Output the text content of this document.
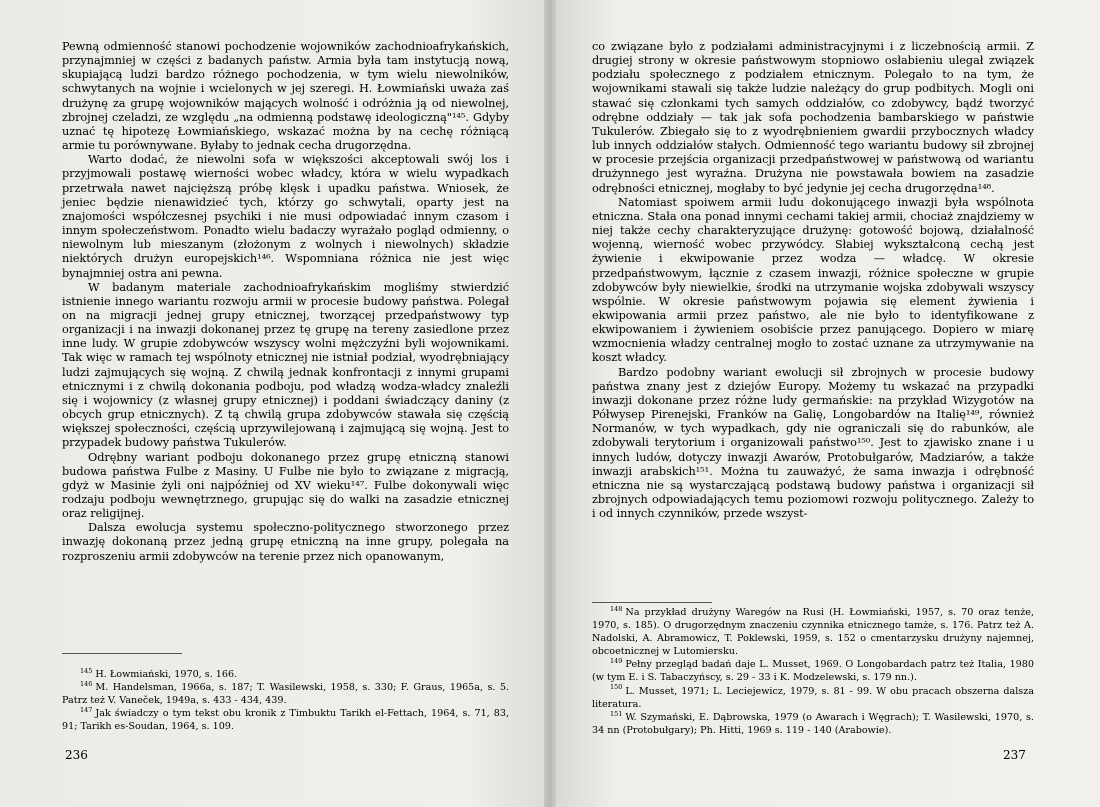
Pewną odmienność stanowi pochodzenie wojowników zachodnioafrykańskich, przynajmniej w części z badanych państw. Armia była tam instytucją nową, skupiającą ludzi bardzo różnego pochodzenia, w tym wielu niewolników, schwytanych na wojnie i wcielonych w jej szeregi. H. Łowmiański uważa zaś drużynę za grupę wojowników mających wolność i odróżnia ją od niewolnej, zbrojnej czeladzi, ze względu „na odmienną podstawę ideologiczną"¹⁴⁵. Gdyby uznać tę hipotezę Łowmiańskiego, wskazać można by na cechę różniącą armie tu porównywane. Byłaby to jednak cecha drugorzędna.

Warto dodać, że niewolni sofa w większości akceptowali swój los i przyjmowali postawę wierności wobec władcy, która w wielu wypadkach przetrwała nawet najcięższą próbę klęsk i upadku państwa. Wniosek, że jeniec będzie nienawidzieć tych, którzy go schwytali, oparty jest na znajomości współczesnej psychiki i nie musi odpowiadać innym czasom i innym społeczeństwom. Ponadto wielu badaczy wyrażało pogląd odmienny, o niewolnym lub mieszanym (złożonym z wolnych i niewolnych) składzie niektórych drużyn europejskich¹⁴⁶. Wspomniana różnica nie jest więc bynajmniej ostra ani pewna.

W badanym materiale zachodnioafrykańskim mogliśmy stwierdzić istnienie innego wariantu rozwoju armii w procesie budowy państwa. Polegał on na migracji jednej grupy etnicznej, tworzącej przedpaństwowy typ organizacji i na inwazji dokonanej przez tę grupę na tereny zasiedlone przez inne ludy. W grupie zdobywców wszyscy wolni mężczyźni byli wojownikami. Tak więc w ramach tej wspólnoty etnicznej nie istniał podział, wyodrębniający ludzi zajmujących się wojną. Z chwilą jednak konfrontacji z innymi grupami etnicznymi i z chwilą dokonania podboju, pod władzą wodza-władcy znaleźli się i wojownicy (z własnej grupy etnicznej) i poddani świadczący daniny (z obcych grup etnicznych). Z tą chwilą grupa zdobywców stawała się częścią większej społeczności, częścią uprzywilejowaną i zajmującą się wojną. Jest to przypadek budowy państwa Tukulerów.

Odrębny wariant podboju dokonanego przez grupę etniczną stanowi budowa państwa Fulbe z Masiny. U Fulbe nie było to związane z migracją, gdyż w Masinie żyli oni najpóźniej od XV wieku¹⁴⁷. Fulbe dokonywali więc rodzaju podboju wewnętrznego, grupując się do walki na zasadzie etnicznej oraz religijnej.

Dalsza ewolucja systemu społeczno-politycznego stworzonego przez inwazję dokonaną przez jedną grupę etniczną na inne grupy, polegała na rozproszeniu armii zdobywców na terenie przez nich opanowanym,

$^{145}$ H. Łowmiański, 1970, s. 166.

$^{146}$ M. Handelsman, 1966a, s. 187; T. Wasilewski, 1958, s. 330; F. Graus, 1965a, s. 5. Patrz też V. Vaneček, 1949a, s. 433 - 434, 439.

$^{147}$ Jak świadczy o tym tekst obu kronik z Timbuktu Tarikh el-Fettach, 1964, s. 71, 83, 91; Tarikh es-Soudan, 1964, s. 109.

236

co związane było z podziałami administracyjnymi i z liczebnością armii. Z drugiej strony w okresie państwowym stopniowo osłabieniu ulegał związek podziału społecznego z podziałem etnicznym. Polegało to na tym, że wojownikami stawali się także ludzie należący do grup podbitych. Mogli oni stawać się członkami tych samych oddziałów, co zdobywcy, bądź tworzyć odrębne oddziały — tak jak sofa pochodzenia bambarskiego w państwie Tukulerów. Zbiegało się to z wyodrębnieniem gwardii przybocznych władcy lub innych oddziałów stałych. Odmienność tego wariantu budowy sił zbrojnej w procesie przejścia organizacji przedpaństwowej w państwową od wariantu drużynnego jest wyraźna. Drużyna nie powstawała bowiem na zasadzie odrębności etnicznej, mogłaby to być jedynie jej cecha drugorzędna¹⁴⁸.

Natomiast spoiwem armii ludu dokonującego inwazji była wspólnota etniczna. Stała ona ponad innymi cechami takiej armii, chociaż znajdziemy w niej także cechy charakteryzujące drużynę: gotowość bojową, działalność wojenną, wierność wobec przywódcy. Słabiej wykształconą cechą jest żywienie i ekwipowanie przez wodza — władcę. W okresie przedpaństwowym, łącznie z czasem inwazji, różnice społeczne w grupie zdobywców były niewielkie, środki na utrzymanie wojska zdobywali wszyscy wspólnie. W okresie państwowym pojawia się element żywienia i ekwipowania armii przez państwo, ale nie było to identyfikowane z ekwipowaniem i żywieniem osobiście przez panującego. Dopiero w miarę wzmocnienia władzy centralnej mogło to zostać uznane za utrzymywanie na koszt władcy.

Bardzo podobny wariant ewolucji sił zbrojnych w procesie budowy państwa znany jest z dziejów Europy. Możemy tu wskazać na przypadki inwazji dokonane przez różne ludy germańskie: na przykład Wizygotów na Półwysep Pirenejski, Franków na Galię, Longobardów na Italię¹⁴⁹, również Normanów, w tych wypadkach, gdy nie ograniczali się do rabunków, ale zdobywali terytorium i organizowali państwo¹⁵⁰. Jest to zjawisko znane i u innych ludów, dotyczy inwazji Awarów, Protobułgarów, Madziarów, a także inwazji arabskich¹⁵¹. Można tu zauważyć, że sama inwazja i odrębność etniczna nie są wystarczającą podstawą budowy państwa i organizacji sił zbrojnych odpowiadających temu poziomowi rozwoju politycznego. Zależy to i od innych czynników, przede wszyst-

$^{148}$ Na przykład drużyny Waregów na Rusi (H. Łowmiański, 1957, s. 70 oraz tenże, 1970, s. 185). O drugorzędnym znaczeniu czynnika etnicznego tamże, s. 176. Patrz też A. Nadolski, A. Abramowicz, T. Poklewski, 1959, s. 152 o cmentarzysku drużyny najemnej, obcoetnicznej w Lutomiersku.

$^{149}$ Pełny przegląd badań daje L. Musset, 1969. O Longobardach patrz też Italia, 1980 (w tym E. i S. Tabaczyńscy, s. 29 - 33 i K. Modzelewski, s. 179 nn.).

$^{150}$ L. Musset, 1971; L. Leciejewicz, 1979, s. 81 - 99. W obu pracach obszerna dalsza literatura.

$^{151}$ W. Szymański, E. Dąbrowska, 1979 (o Awarach i Węgrach); T. Wasilewski, 1970, s. 34 nn (Protobułgary); Ph. Hitti, 1969 s. 119 - 140 (Arabowie).

237
